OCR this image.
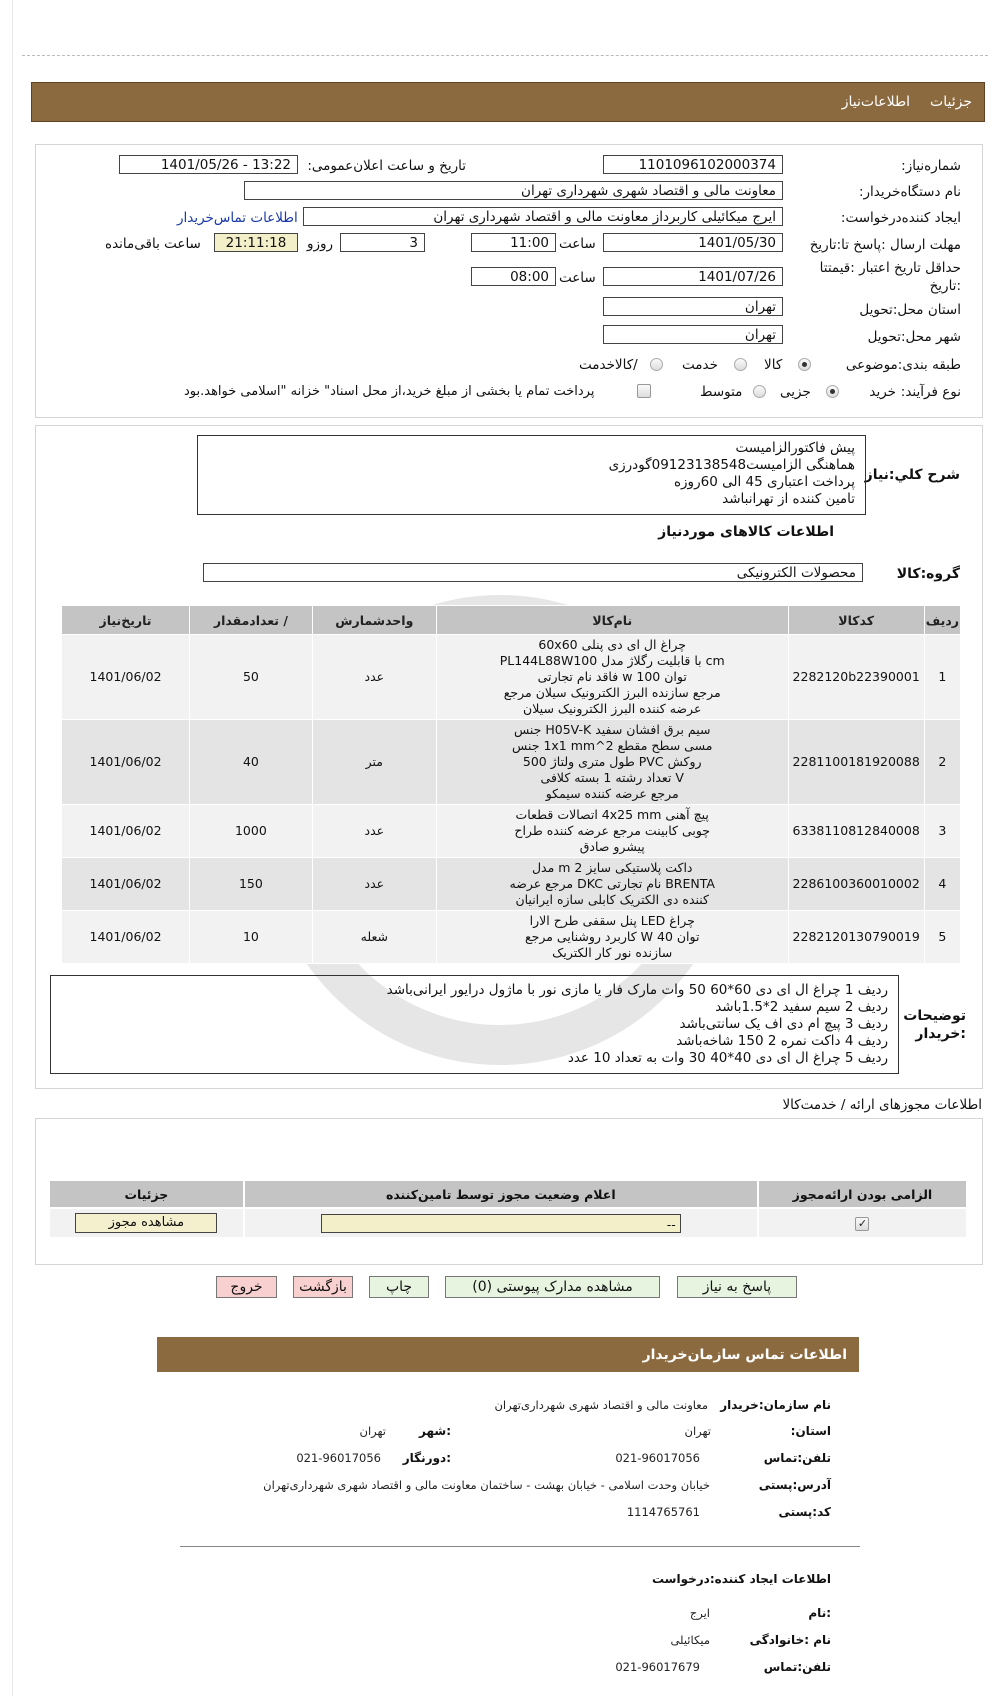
جزئیات
اطلاعات‌نیاز
شماره‌نیاز:
1101096102000374
تاریخ و ساعت اعلان‌عمومی:
1401/05/26 - 13:22
نام دستگاه‌خریدار:
معاونت مالی و اقتصاد شهری شهرداری تهران
ایجاد کننده‌درخواست:
ایرج میکائیلی کاربرداز معاونت مالی و اقتصاد شهرداری تهران
اطلاعات تماس‌خریدار
مهلت ارسال :پاسخ تا:تاریخ
1401/05/30
ساعت
11:00
3
روزو
21:11:18
ساعت باقی‌مانده
حداقل تاریخ اعتبار :قیمتتا
:تاریخ
1401/07/26
ساعت
08:00
استان محل:تحویل
تهران
شهر محل:تحویل
تهران
طبقه بندی:موضوعی
کالا
خدمت
/کالاخدمت
نوع فرآیند:
خرید
جزیی
متوسط
پرداخت تمام یا بخشی از مبلغ خرید،از محل اسناد" خزانه "اسلامی خواهد.بود
شرح کلي:نیاز
پیش فاکتورالزامیست
هماهنگی الزامیست09123138548گودرزی
پرداخت اعتباری 45 الی 60روزه
تامین کننده از تهرانباشد
اطلاعات کالاهای موردنیاز
گروه:کالا
محصولات الکترونیکی
ردیف	کدکالا	نام‌کالا	واحدشمارش	/ تعدادمقدار	تاریخ‌نیاز
1	2282120b22390001	چراغ ال ای دی پنلی 60x60
cm با قابلیت رگلاژ مدل PL144L88W100
توان 100 w فاقد نام تجارتی
مرجع سازنده البرز الکترونیک سیلان مرجع
عرضه کننده البرز الکترونیک سیلان	عدد	50	1401/06/02
2	2281100181920088	سیم برق افشان سفید H05V-K جنس
مسی سطح مقطع 2^1x1 mm جنس
روکش PVC طول متری ولتاژ 500
V تعداد رشته 1 بسته کلافی
مرجع عرضه کننده سیمکو	متر	40	1401/06/02
3	6338110812840008	پیچ آهنی 4x25 mm اتصالات قطعات
چوبی کابینت مرجع عرضه کننده طراح
پیشرو صادق	عدد	1000	1401/06/02
4	2286100360010002	داکت پلاستیکی سایز 2 m مدل
BRENTA نام تجارتی DKC مرجع عرضه
کننده دی الکتریک کابلی سازه ایرانیان	عدد	150	1401/06/02
5	2282120130790019	چراغ LED پنل سقفی طرح الارا
توان 40 W کاربرد روشنایی مرجع
سازنده نور کار الکتریک	شعله	10	1401/06/02
توضیحات
:خریدار
ردیف 1 چراغ ال ای دی 60*60 50 وات مارک فار یا مازی نور با ماژول درایور ایرانی‌باشد
ردیف 2 سیم سفید 2*1.5باشد
ردیف 3 پیچ ام دی اف یک سانتی‌باشد
ردیف 4 داکت نمره 2 150 شاخه‌باشد
ردیف 5 چراغ ال ای دی 40*40 30 وات به تعداد 10 عدد
اطلاعات مجوزهای ارائه / خدمت‌کالا
الزامی بودن ارائه‌مجوز	اعلام وضعیت مجوز توسط تامین‌کننده	جزئیات
✓	--	مشاهده مجوز
پاسخ به نیاز
مشاهده مدارک پیوستی (0)
چاپ
بازگشت
خروج
اطلاعات تماس سازمان‌خریدار
نام سازمان:خریدار
معاونت مالی و اقتصاد شهری شهرداری‌تهران
استان:
تهران
:شهر
تهران
تلفن:تماس
021-96017056
:دورنگار
021-96017056
آدرس:پستی
خیابان وحدت اسلامی - خیابان بهشت - ساختمان معاونت مالی و اقتصاد شهری شهرداری‌تهران
کد:پستی
1114765761
اطلاعات ایجاد کننده:درخواست
:نام
ایرج
نام :خانوادگی
میکائیلی
تلفن:تماس
021-96017679
